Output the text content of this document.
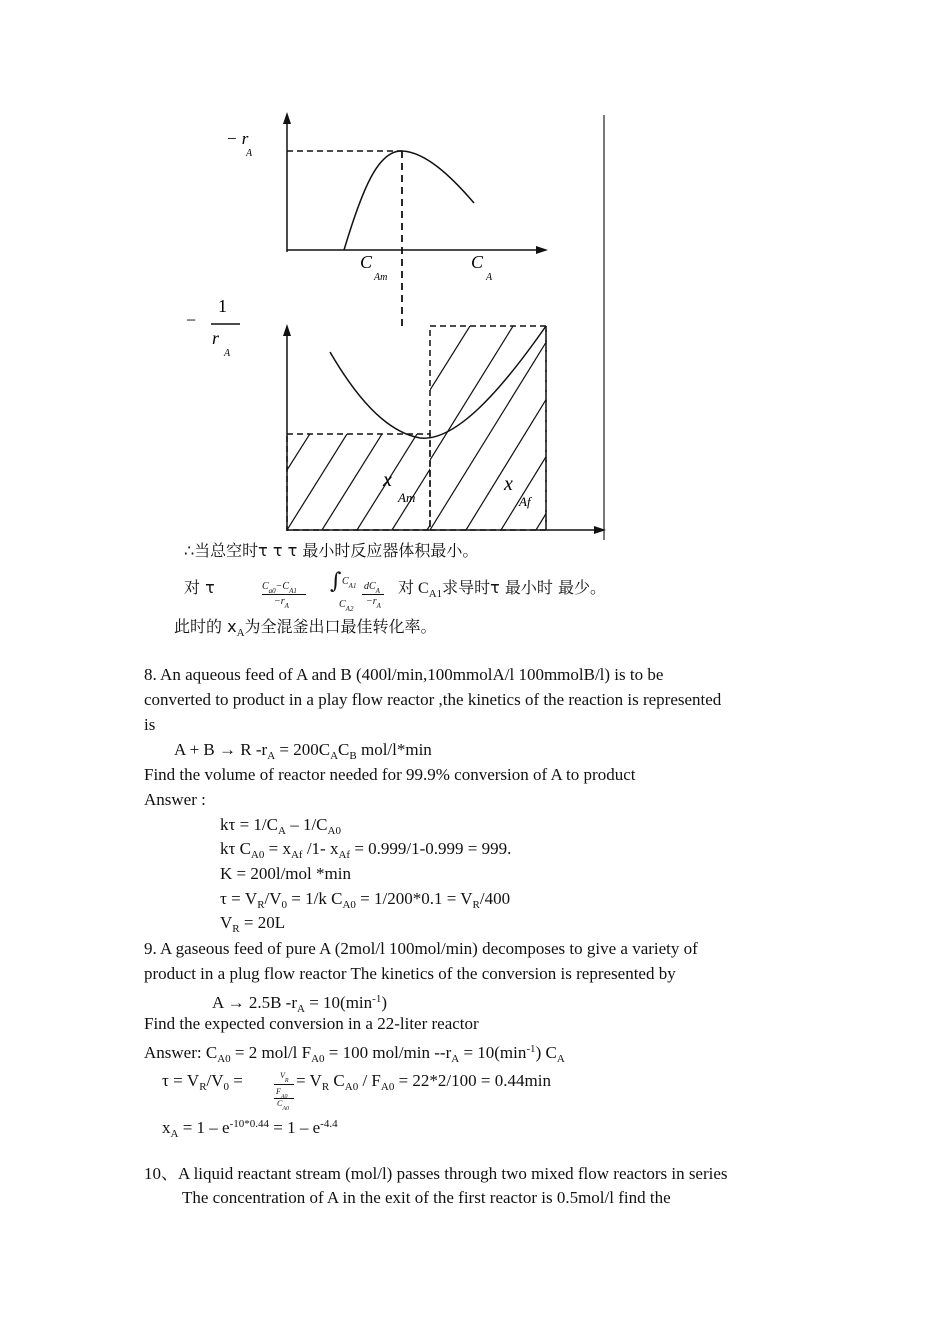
− r
A
C
Am
C
A
−
1
r
A
x
Am
x
Af
∴当总空时τ τ τ 最小时反应器体积最小。
对 τ	$C_{a0}-C_{A1}$
$-r_A$
∫ $C_{A1}$ $dC_A$
$C_{A2}$
$-r_A$
对 $C_{A1}$求导时τ 最小时 最少。
此时的 $x_A$为全混釜出口最佳转化率。
8. An aqueous feed of A and B (400l/min,100mmolA/l 100mmolB/l) is to be
converted to product in a play flow reactor ,the kinetics of the reaction is represented
is
A + B → R $-r_A = 200C_AC_B$ mol/l*min
Find the volume of reactor needed for 99.9% conversion of A to product
Answer :
$k\tau = 1/C_A - 1/C_{A0}$
kτ $C_{A0} = x_{Af}$ /1- $x_{Af} = 0.999/1-0.999 = 999$.
K = 200l/mol *min
$\tau = V_R/V_0 = 1/k$ $C_{A0} = 1/200*0.1 = V_R/400$
$V_R = 20L$
9. A gaseous feed of pure A (2mol/l 100mol/min) decomposes to give a variety of
product in a plug flow reactor The kinetics of the conversion is represented by
A → 2.5B $-r_A = 10(\min^{-1})$
Find the expected conversion in a 22-liter reactor
Answer: $C_{A0} = 2$ mol/l $F_{A0} = 100$ mol/min $--r_A = 10(\min^{-1})$ $C_A$
$\tau = V_R/V_0$ =	$V_R$
$F_{A0}$
$C_{A0}$
= $V_R$ $C_{A0} / F_{A0} = 22*2/100 = 0.44\min$
$x_A = 1 - e^{-10*0.44} = 1 - e^{-4.4}$
10、A liquid reactant stream (mol/l) passes through two mixed flow reactors in series
The concentration of A in the exit of the first reactor is 0.5mol/l find the
